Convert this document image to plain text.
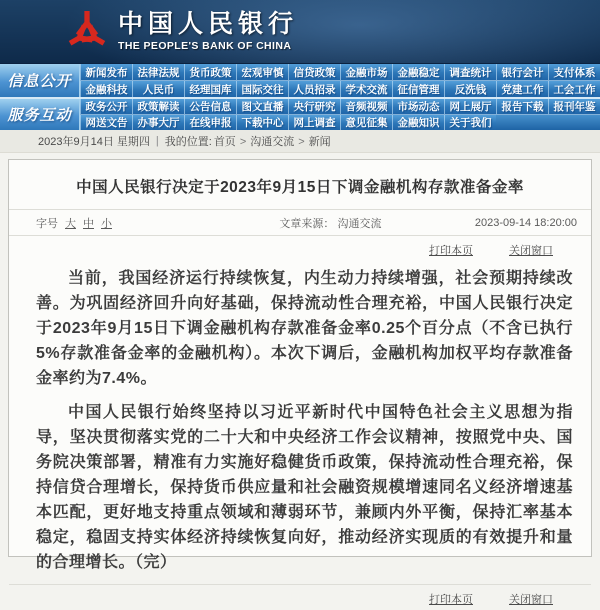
中国人民银行
THE PEOPLE'S BANK OF CHINA
信息公开
新闻发布 法律法规 货币政策 宏观审慎 信贷政策 金融市场 金融稳定 调查统计 银行会计 支付体系
金融科技	人民币	经理国库 国际交往 人员招录 学术交流 征信管理	反洗钱	党建工作 工会工作
服务互动	政务公开 政策解读 公告信息 图文直播 央行研究 音频视频 市场动态 网上展厅 报告下载 报刊年鉴
网送文告 办事大厅 在线申报 下载中心 网上调查 意见征集 金融知识 关于我们
2023年9月14日 星期四 | 我的位置: 首页 > 沟通交流 > 新闻
中国人民银行决定于2023年9月15日下调金融机构存款准备金率
字号 大 中 小	文章来源： 沟通交流	2023-09-14 18:20:00
打印本页	关闭窗口

当前，我国经济运行持续恢复，内生动力持续增强，社会预期持续改善。为巩固经济回升向好基础，保持流动性合理充裕，中国人民银行决定于2023年9月15日下调金融机构存款准备金率0.25个百分点（不含已执行5%存款准备金率的金融机构）。本次下调后，金融机构加权平均存款准备金率约为7.4%。

中国人民银行始终坚持以习近平新时代中国特色社会主义思想为指导，坚决贯彻落实党的二十大和中央经济工作会议精神，按照党中央、国务院决策部署，精准有力实施好稳健货币政策，保持流动性合理充裕，保持信贷合理增长，保持货币供应量和社会融资规模增速同名义经济增速基本匹配，更好地支持重点领域和薄弱环节，兼顾内外平衡，保持汇率基本稳定，稳固支持实体经济持续恢复向好，推动经济实现质的有效提升和量的合理增长。（完）

打印本页	关闭窗口
